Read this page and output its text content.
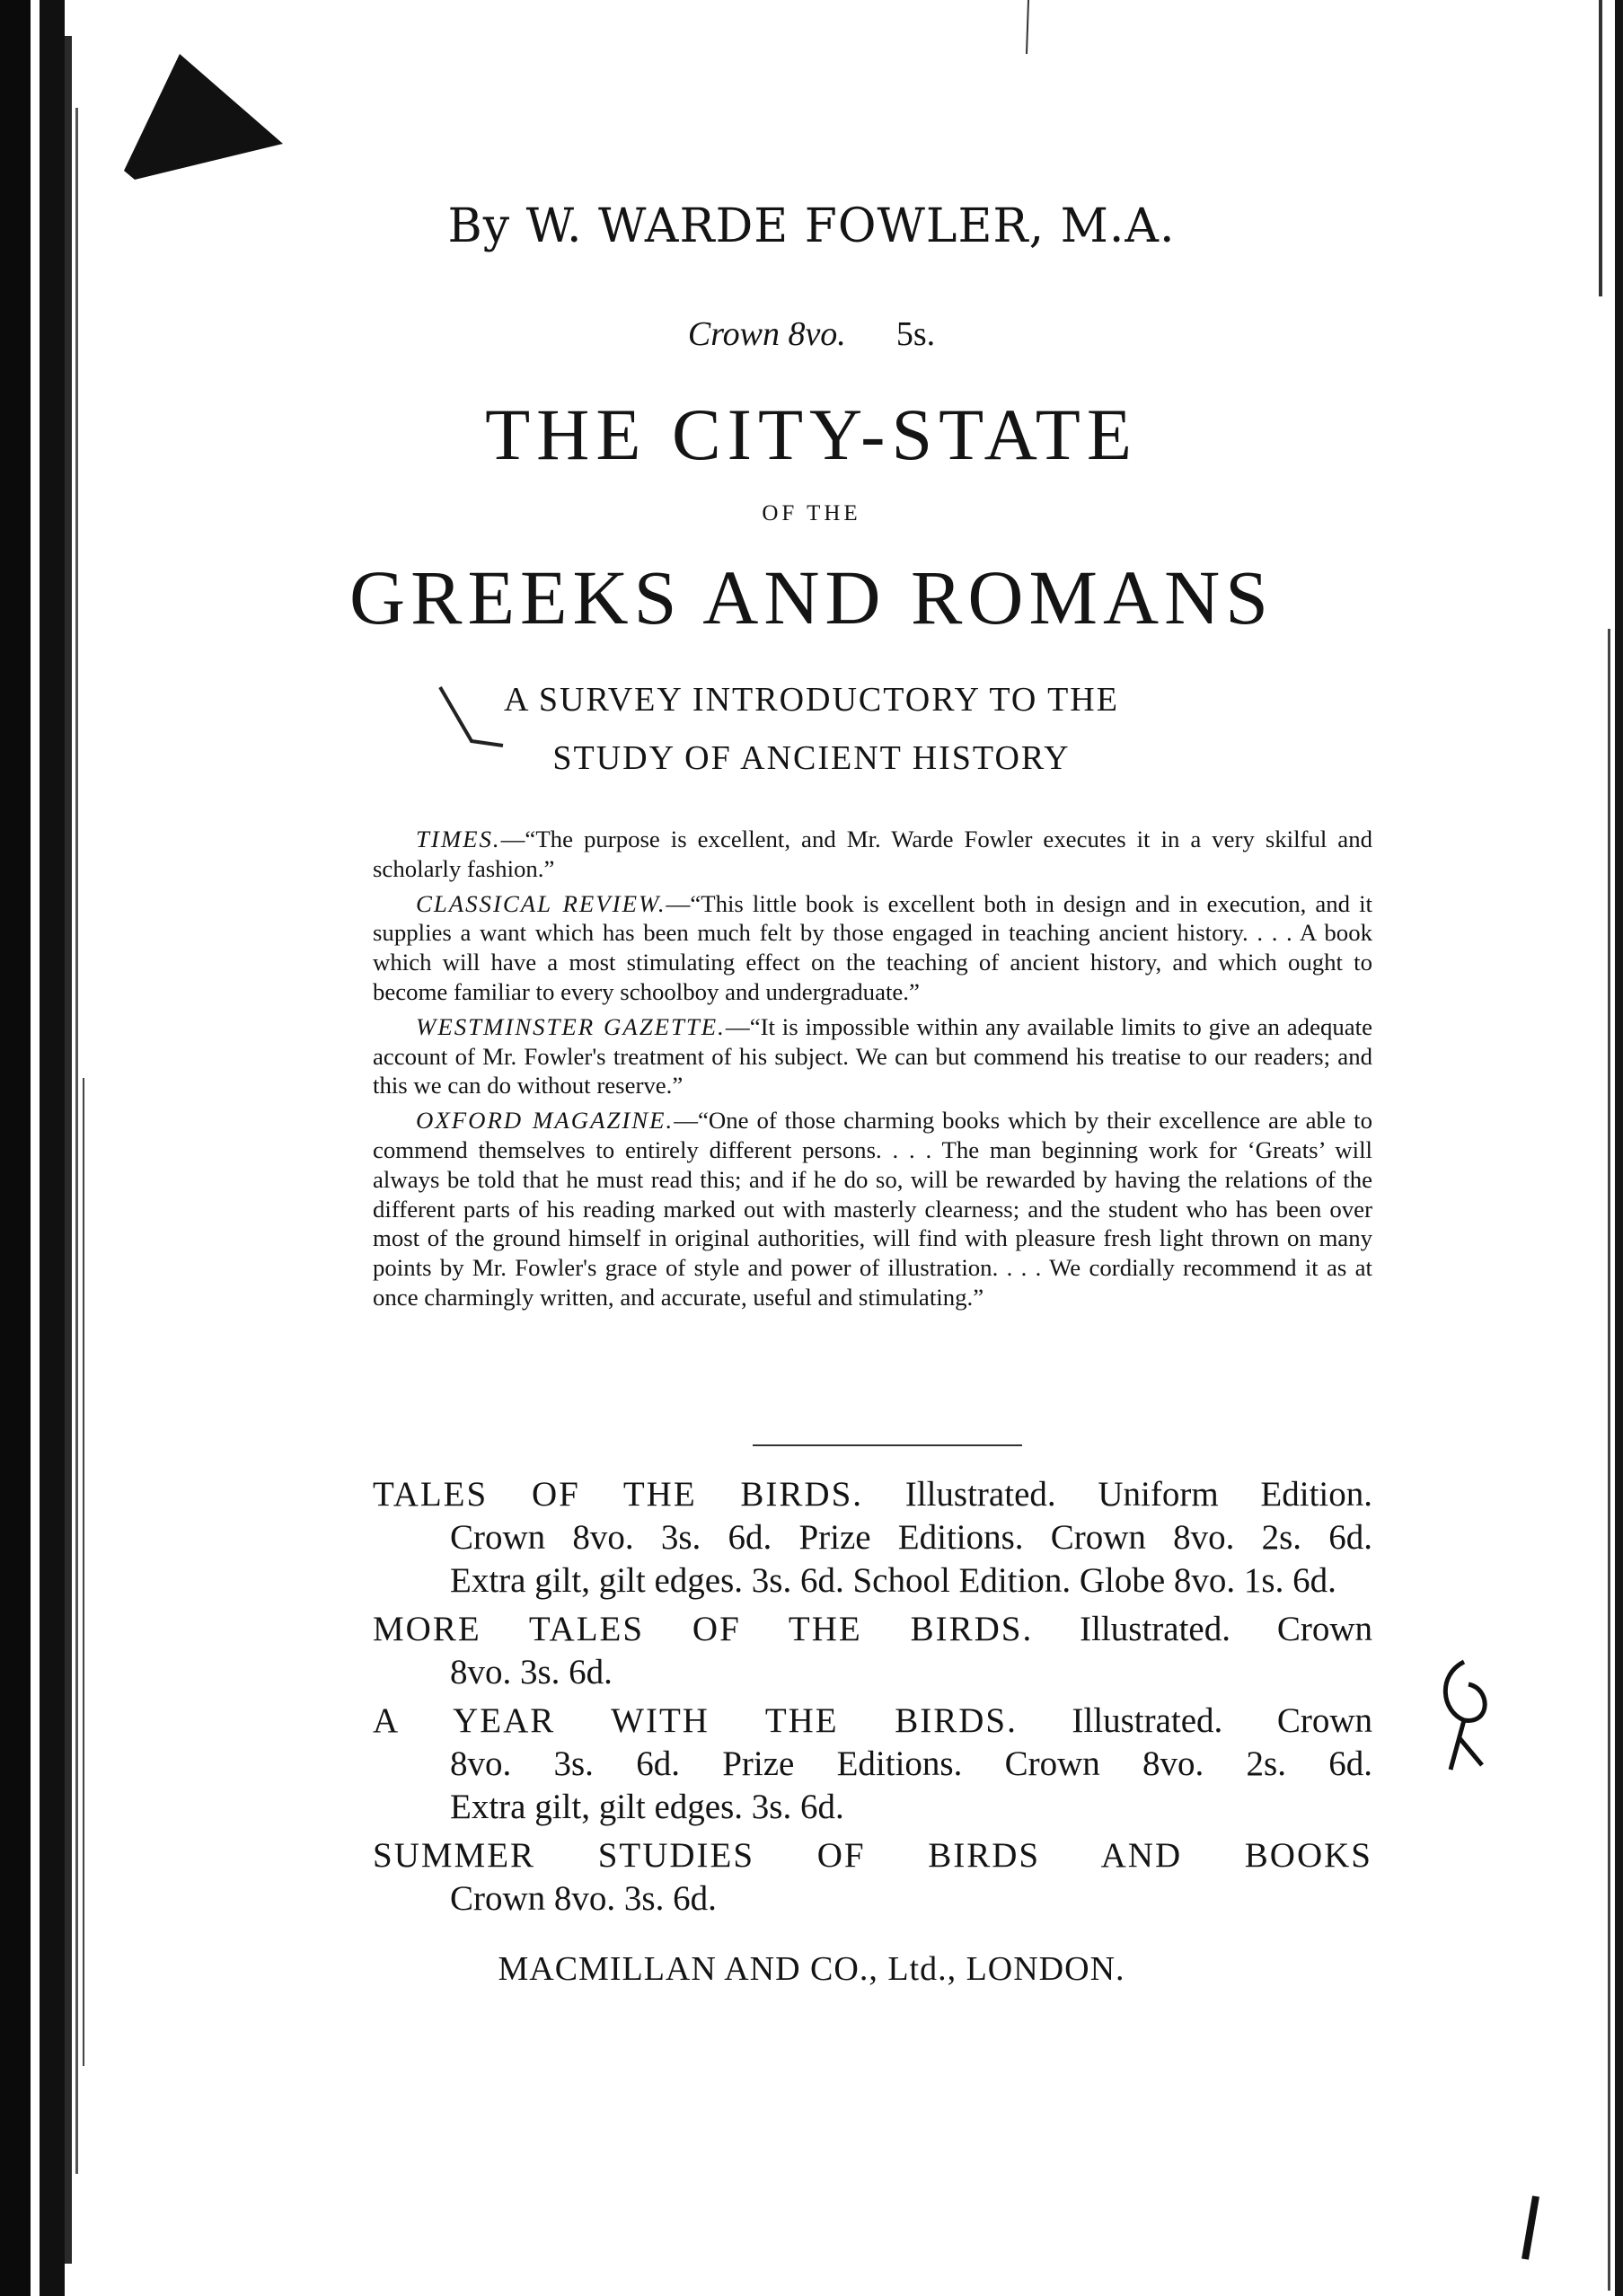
By W. WARDE FOWLER, M.A.
Crown 8vo. 5s.
THE CITY-STATE
OF THE
GREEKS AND ROMANS
A SURVEY INTRODUCTORY TO THE
STUDY OF ANCIENT HISTORY

TIMES.—“The purpose is excellent, and Mr. Warde Fowler executes it in a very skilful and scholarly fashion.”

CLASSICAL REVIEW.—“This little book is excellent both in design and in execution, and it supplies a want which has been much felt by those engaged in teaching ancient history. . . . A book which will have a most stimulating effect on the teaching of ancient history, and which ought to become familiar to every schoolboy and undergraduate.”

WESTMINSTER GAZETTE.—“It is impossible within any available limits to give an adequate account of Mr. Fowler's treatment of his subject. We can but commend his treatise to our readers; and this we can do without reserve.”

OXFORD MAGAZINE.—“One of those charming books which by their excellence are able to commend themselves to entirely different persons. . . . The man beginning work for ‘Greats’ will always be told that he must read this; and if he do so, will be rewarded by having the relations of the different parts of his reading marked out with masterly clearness; and the student who has been over most of the ground himself in original authorities, will find with pleasure fresh light thrown on many points by Mr. Fowler's grace of style and power of illustration. . . . We cordially recommend it as at once charmingly written, and accurate, useful and stimulating.”

TALES OF THE BIRDS. Illustrated. Uniform Edition.
Crown 8vo. 3s. 6d. Prize Editions. Crown 8vo. 2s. 6d.
Extra gilt, gilt edges. 3s. 6d. School Edition. Globe 8vo. 1s. 6d.
MORE TALES OF THE BIRDS. Illustrated. Crown
8vo. 3s. 6d.
A YEAR WITH THE BIRDS. Illustrated. Crown
8vo. 3s. 6d. Prize Editions. Crown 8vo. 2s. 6d.
Extra gilt, gilt edges. 3s. 6d.
SUMMER STUDIES OF BIRDS AND BOOKS
Crown 8vo. 3s. 6d.
MACMILLAN AND CO., Ltd., LONDON.
